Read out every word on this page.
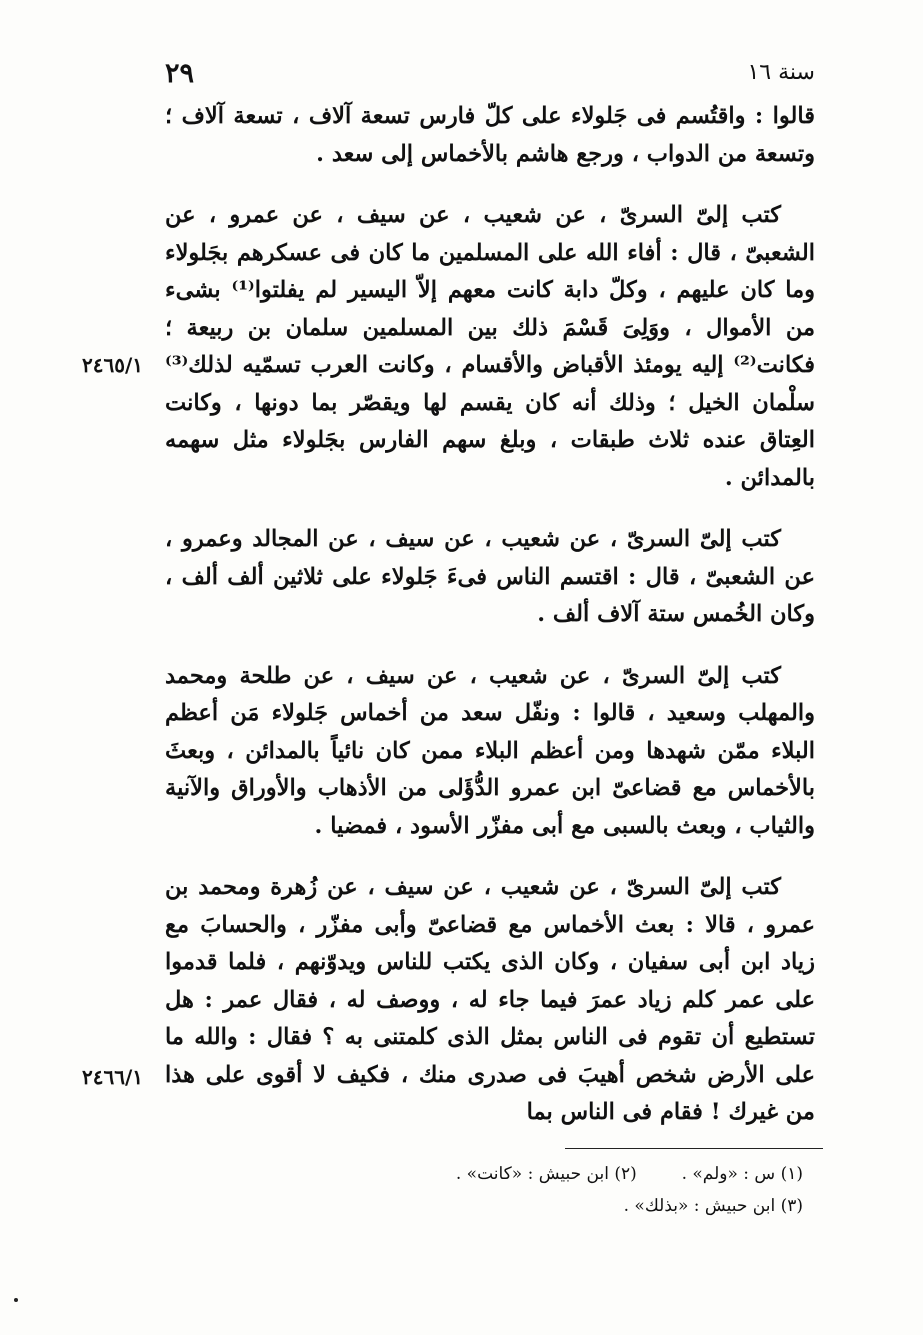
٢٩	سنة ١٦

قالوا : واقتُسم فى جَلولاء على كلّ فارس تسعة آلاف ، تسعة آلاف ؛ وتسعة من الدواب ، ورجع هاشم بالأخماس إلى سعد .

كتب إلىّ السرىّ ، عن شعيب ، عن سيف ، عن عمرو ، عن الشعبىّ ، قال : أفاء الله على المسلمين ما كان فى عسكرهم بجَلولاء وما كان عليهم ، وكلّ دابة كانت معهم إلاّ اليسير لم يفلتوا⁽¹⁾ بشىء من الأموال ، ووَلِىَ قَسْمَ ذلك بين المسلمين سلمان بن ربيعة ؛ فكانت⁽²⁾ إليه يومئذ الأقباض والأقسام ، وكانت العرب تسمّيه لذلك⁽³⁾ سلْمان الخيل ؛ وذلك أنه كان يقسم لها ويقصّر بما دونها ، وكانت العِتاق عنده ثلاث طبقات ، وبلغ سهم الفارس بجَلولاء مثل سهمه بالمدائن .

كتب إلىّ السرىّ ، عن شعيب ، عن سيف ، عن المجالد وعمرو ، عن الشعبىّ ، قال : اقتسم الناس فىءَ جَلولاء على ثلاثين ألف ألف ، وكان الخُمس ستة آلاف ألف .

كتب إلىّ السرىّ ، عن شعيب ، عن سيف ، عن طلحة ومحمد والمهلب وسعيد ، قالوا : ونفّل سعد من أخماس جَلولاء مَن أعظم البلاء ممّن شهدها ومن أعظم البلاء ممن كان نائياً بالمدائن ، وبعثَ بالأخماس مع قضاعىّ ابن عمرو الدُّؤَلى من الأذهاب والأوراق والآنية والثياب ، وبعث بالسبى مع أبى مفزّر الأسود ، فمضيا .

كتب إلىّ السرىّ ، عن شعيب ، عن سيف ، عن زُهرة ومحمد بن عمرو ، قالا : بعث الأخماس مع قضاعىّ وأبى مفزّر ، والحسابَ مع زياد ابن أبى سفيان ، وكان الذى يكتب للناس ويدوّنهم ، فلما قدموا على عمر كلم زياد عمرَ فيما جاء له ، ووصف له ، فقال عمر : هل تستطيع أن تقوم فى الناس بمثل الذى كلمتنى به ؟ فقال : والله ما على الأرض شخص أهيبَ فى صدرى منك ، فكيف لا أقوى على هذا من غيرك ! فقام فى الناس بما

٢٤٦٥/١
٢٤٦٦/١
(١) س : «ولم» .  (٢) ابن حبيش : «كانت» .
(٣) ابن حبيش : «بذلك» .
